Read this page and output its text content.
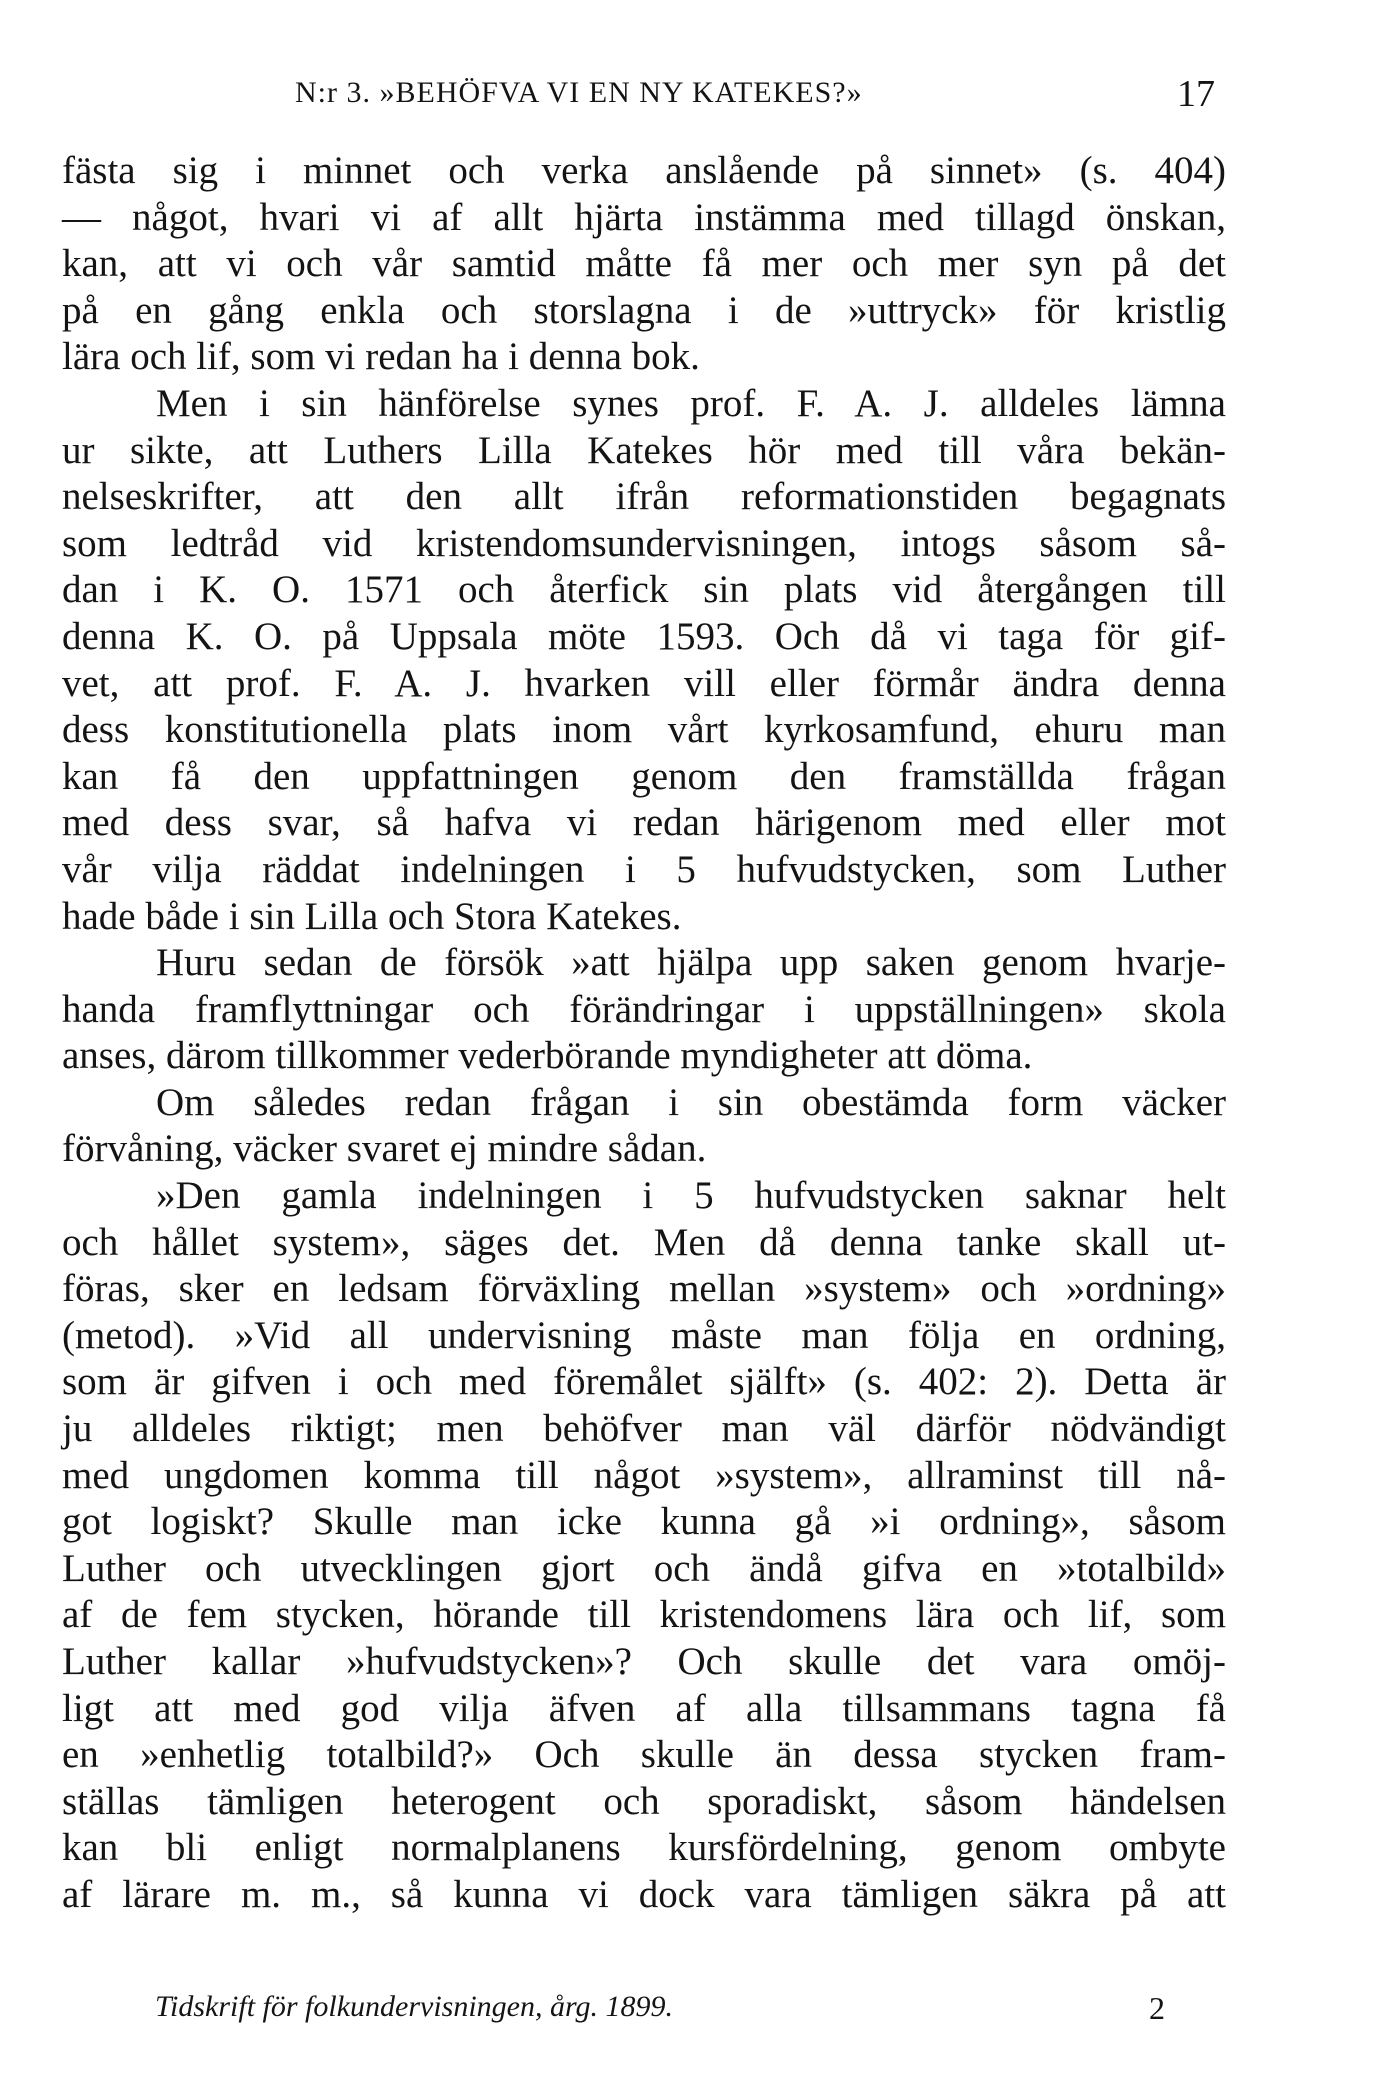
N:r 3. »BEHÖFVA VI EN NY KATEKES?»	17

fästa sig i minnet och verka anslående på sinnet» (s. 404)
— något, hvari vi af allt hjärta instämma med tillagd önskan,
kan, att vi och vår samtid måtte få mer och mer syn på det
på en gång enkla och storslagna i de »uttryck» för kristlig
lära och lif, som vi redan ha i denna bok.

Men i sin hänförelse synes prof. F. A. J. alldeles lämna
ur sikte, att Luthers Lilla Katekes hör med till våra bekän-
nelseskrifter, att den allt ifrån reformationstiden begagnats
som ledtråd vid kristendomsundervisningen, intogs såsom så-
dan i K. O. 1571 och återfick sin plats vid återgången till
denna K. O. på Uppsala möte 1593. Och då vi taga för gif-
vet, att prof. F. A. J. hvarken vill eller förmår ändra denna
dess konstitutionella plats inom vårt kyrkosamfund, ehuru man
kan få den uppfattningen genom den framställda frågan
med dess svar, så hafva vi redan härigenom med eller mot
vår vilja räddat indelningen i 5 hufvudstycken, som Luther
hade både i sin Lilla och Stora Katekes.

Huru sedan de försök »att hjälpa upp saken genom hvarje-
handa framflyttningar och förändringar i uppställningen» skola
anses, därom tillkommer vederbörande myndigheter att döma.

Om således redan frågan i sin obestämda form väcker
förvåning, väcker svaret ej mindre sådan.

»Den gamla indelningen i 5 hufvudstycken saknar helt
och hållet system», säges det. Men då denna tanke skall ut-
föras, sker en ledsam förväxling mellan »system» och »ordning»
(metod). »Vid all undervisning måste man följa en ordning,
som är gifven i och med föremålet själft» (s. 402: 2). Detta är
ju alldeles riktigt; men behöfver man väl därför nödvändigt
med ungdomen komma till något »system», allraminst till nå-
got logiskt? Skulle man icke kunna gå »i ordning», såsom
Luther och utvecklingen gjort och ändå gifva en »totalbild»
af de fem stycken, hörande till kristendomens lära och lif, som
Luther kallar »hufvudstycken»? Och skulle det vara omöj-
ligt att med god vilja äfven af alla tillsammans tagna få
en »enhetlig totalbild?» Och skulle än dessa stycken fram-
ställas tämligen heterogent och sporadiskt, såsom händelsen
kan bli enligt normalplanens kursfördelning, genom ombyte
af lärare m. m., så kunna vi dock vara tämligen säkra på att

Tidskrift för folkundervisningen, årg. 1899.	2
